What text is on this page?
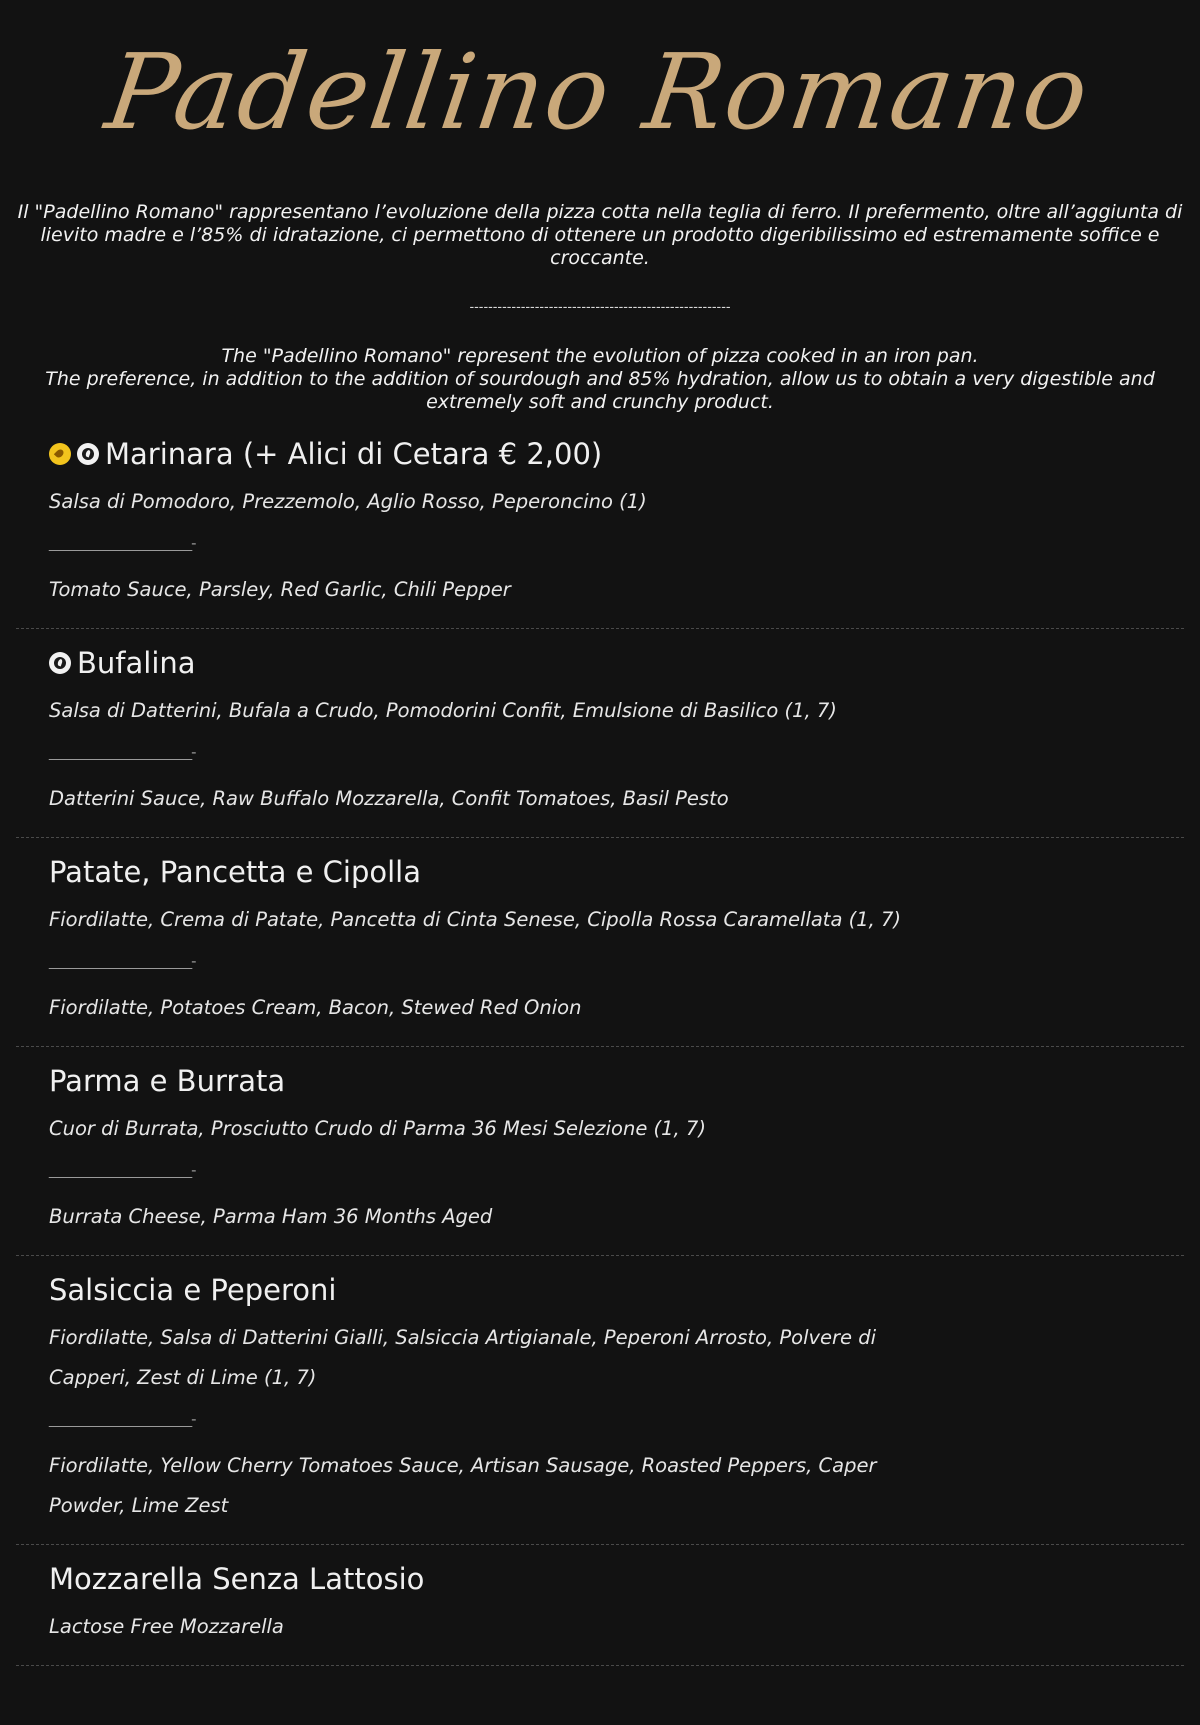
Padellino Romano
Il "Padellino Romano" rappresentano l’evoluzione della pizza cotta nella teglia di ferro. Il prefermento, oltre all’aggiunta di lievito madre e l’85% di idratazione, ci permettono di ottenere un prodotto digeribilissimo ed estremamente soffice e croccante.
--------------------------------------------------------
The "Padellino Romano" represent the evolution of pizza cooked in an iron pan.
The preference, in addition to the addition of sourdough and 85% hydration, allow us to obtain a very digestible and extremely soft and crunchy product.
Marinara (+ Alici di Cetara € 2,00)
Salsa di Pomodoro, Prezzemolo, Aglio Rosso, Peperoncino (1)
__________________-
Tomato Sauce, Parsley, Red Garlic, Chili Pepper
Bufalina
Salsa di Datterini, Bufala a Crudo, Pomodorini Confit, Emulsione di Basilico (1, 7)
__________________-
Datterini Sauce, Raw Buffalo Mozzarella, Confit Tomatoes, Basil Pesto
Patate, Pancetta e Cipolla
Fiordilatte, Crema di Patate, Pancetta di Cinta Senese, Cipolla Rossa Caramellata (1, 7)
__________________-
Fiordilatte, Potatoes Cream, Bacon, Stewed Red Onion
Parma e Burrata
Cuor di Burrata, Prosciutto Crudo di Parma 36 Mesi Selezione (1, 7)
__________________-
Burrata Cheese, Parma Ham 36 Months Aged
Salsiccia e Peperoni
Fiordilatte, Salsa di Datterini Gialli, Salsiccia Artigianale, Peperoni Arrosto, Polvere di Capperi, Zest di Lime (1, 7)
__________________-
Fiordilatte, Yellow Cherry Tomatoes Sauce, Artisan Sausage, Roasted Peppers, Caper Powder, Lime Zest
Mozzarella Senza Lattosio
Lactose Free Mozzarella
